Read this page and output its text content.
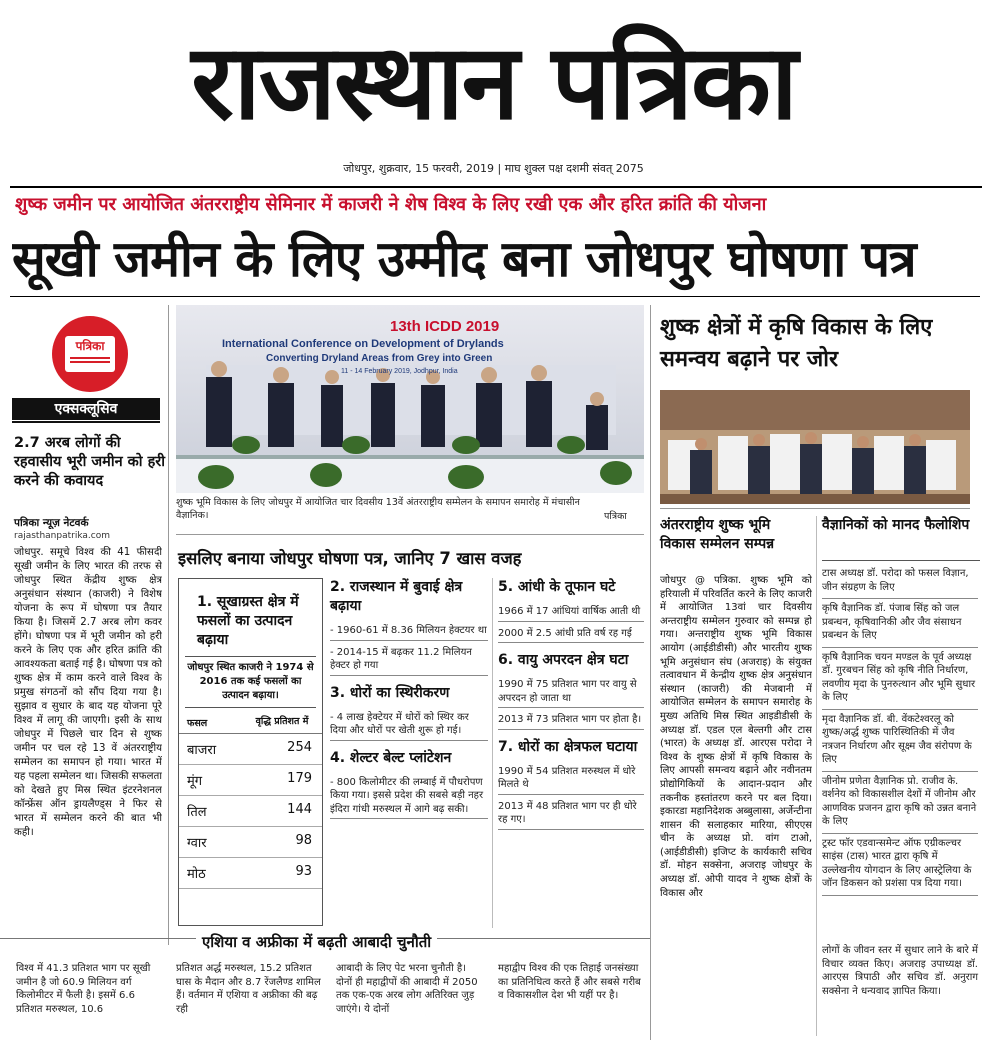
राजस्थान पत्रिका
जोधपुर, शुक्रवार, 15 फरवरी, 2019 | माघ शुक्ल पक्ष दशमी संवत् 2075
शुष्क जमीन पर आयोजित अंतरराष्ट्रीय सेमिनार में काजरी ने शेष विश्व के लिए रखी एक और हरित क्रांति की योजना
सूखी जमीन के लिए उम्मीद बना जोधपुर घोषणा पत्र
पत्रिका
एक्सक्लूसिव
2.7 अरब लोगों की रहवासीय भूरी जमीन को हरी करने की कवायद
पत्रिका न्यूज़ नेटवर्क
rajasthanpatrika.com
जोधपुर. समूचे विश्व की 41 फीसदी सूखी जमीन के लिए भारत की तरफ से जोधपुर स्थित केंद्रीय शुष्क क्षेत्र अनुसंधान संस्थान (काजरी) ने विशेष योजना के रूप में घोषणा पत्र तैयार किया है। जिसमें 2.7 अरब लोग कवर होंगे। घोषणा पत्र में भूरी जमीन को हरी करने के लिए एक और हरित क्रांति की आवश्यकता बताई गई है। घोषणा पत्र को शुष्क क्षेत्र में काम करने वाले विश्व के प्रमुख संगठनों को सौंप दिया गया है। सुझाव व सुधार के बाद यह योजना पूरे विश्व में लागू की जाएगी। इसी के साथ जोधपुर में पिछले चार दिन से शुष्क जमीन पर चल रहे 13 वें अंतरराष्ट्रीय सम्मेलन का समापन हो गया। भारत में यह पहला सम्मेलन था। जिसकी सफलता को देखते हुए मिस्र स्थित इंटरनेशनल कॉन्फ्रेंस ऑन ड्रायलैण्ड्स ने फिर से भारत में सम्मेलन करने की बात भी कही।
13th ICDD 2019
International Conference on Development of Drylands
Converting Dryland Areas from Grey into Green
11 - 14 February 2019, Jodhpur, India
शुष्क भूमि विकास के लिए जोधपुर में आयोजित चार दिवसीय 13वें अंतरराष्ट्रीय सम्मेलन के समापन समारोह में मंचासीन वैज्ञानिक।	पत्रिका
इसलिए बनाया जोधपुर घोषणा पत्र, जानिए 7 खास वजह
1. सूखाग्रस्त क्षेत्र में फसलों का उत्पादन बढ़ाया
जोधपुर स्थित काजरी ने 1974 से 2016 तक कई फसलों का उत्पादन बढ़ाया।
फसल	वृद्धि प्रतिशत में
बाजरा	254
मूंग	179
तिल	144
ग्वार	98
मोठ	93
2. राजस्थान में बुवाई क्षेत्र बढ़ाया
- 1960-61 में 8.36 मिलियन हेक्टयर था
- 2014-15 में बढ़कर 11.2 मिलियन हेक्टर हो गया
3. धोरों का स्थिरीकरण
- 4 लाख हेक्टेयर में धोरों को स्थिर कर दिया और धोरों पर खेती शुरू हो गई।
4. शेल्टर बेल्ट प्लांटेशन
- 800 किलोमीटर की लम्बाई में पौधरोपण किया गया। इससे प्रदेश की सबसे बड़ी नहर इंदिरा गांधी मरुस्थल में आगे बढ़ सकी।
5. आंधी के तूफान घटे
1966 में 17 आंधियां वार्षिक आती थी
2000 में 2.5 आंधी प्रति वर्ष रह गई
6. वायु अपरदन क्षेत्र घटा
1990 में 75 प्रतिशत भाग पर वायु से अपरदन हो जाता था
2013 में 73 प्रतिशत भाग पर होता है।
7. धोरों का क्षेत्रफल घटाया
1990 में 54 प्रतिशत मरुस्थल में धोरे मिलते थे
2013 में 48 प्रतिशत भाग पर ही धोरे रह गए।
एशिया व अफ्रीका में बढ़ती आबादी चुनौती
विश्व में 41.3 प्रतिशत भाग पर सूखी जमीन है जो 60.9 मिलियन वर्ग किलोमीटर में फैली है। इसमें 6.6 प्रतिशत मरुस्थल, 10.6
प्रतिशत अर्द्ध मरुस्थल, 15.2 प्रतिशत घास के मैदान और 8.7 रेंजलैण्ड शामिल हैं। वर्तमान में एशिया व अफ्रीका की बढ़ रही
आबादी के लिए पेट भरना चुनौती है। दोनों ही महाद्वीपों की आबादी में 2050 तक एक-एक अरब लोग अतिरिक्त जुड़ जाएंगे। ये दोनों
महाद्वीप विश्व की एक तिहाई जनसंख्या का प्रतिनिधित्व करते हैं और सबसे गरीब व विकासशील देश भी यहीं पर है।
शुष्क क्षेत्रों में कृषि विकास के लिए समन्वय बढ़ाने पर जोर
अंतरराष्ट्रीय शुष्क भूमि विकास सम्मेलन सम्पन्न
जोधपुर @ पत्रिका. शुष्क भूमि को हरियाली में परिवर्तित करने के लिए काजरी में आयोजित 13वां चार दिवसीय अन्तराष्ट्रीय सम्मेलन गुरुवार को सम्पन्न हो गया। अन्तराष्ट्रीय शुष्क भूमि विकास आयोग (आईडीडीसी) और भारतीय शुष्क भूमि अनुसंधान संघ (अजराइ) के संयुक्त तत्वावधान में केन्द्रीय शुष्क क्षेत्र अनुसंधान संस्थान (काजरी) की मेजबानी में आयोजित सम्मेलन के समापन समारोह के मुख्य अतिथि मिस्र स्थित आइडीडीसी के अध्यक्ष डॉ. एडल एल बेल्तगी और टास (भारत) के अध्यक्ष डॉ. आरएस परोदा ने विश्व के शुष्क क्षेत्रों में कृषि विकास के लिए आपसी समन्वय बढ़ाने और नवीनतम प्रोद्योगिकियों के आदान-प्रदान और तकनीक हस्तांतरण करने पर बल दिया। इकारडा महानिदेशक अब्बुलासा, अर्जेन्टीना शासन की सलाहकार मारिया, सीएएस चीन के अध्यक्ष प्रो. वांग टाओ, (आईडीडीसी) इजिप्ट के कार्यकारी सचिव डॉ. मोहन सक्सेना, अजराइ जोधपुर के अध्यक्ष डॉ. ओपी यादव ने शुष्क क्षेत्रों के विकास और
वैज्ञानिकों को मानद फैलोशिप
टास अध्यक्ष डॉ. परोदा को फसल विज्ञान, जीन संग्रहण के लिए
कृषि वैज्ञानिक डॉ. पंजाब सिंह को जल प्रबन्धन, कृषिवानिकी और जैव संसाधन प्रबन्धन के लिए
कृषि वैज्ञानिक चयन मण्डल के पूर्व अध्यक्ष डॉ. गुरबचन सिंह को कृषि नीति निर्धारण, लवणीय मृदा के पुनरुत्थान और भूमि सुधार के लिए
मृदा वैज्ञानिक डॉ. बी. वेंकटेश्वरलू को शुष्क/अर्द्ध शुष्क पारिस्थितिकी में जैव नत्रजन निर्धारण और सूक्ष्म जैव संरोपण के लिए
जीनोम प्रणेता वैज्ञानिक प्रो. राजीव के. वर्शनेय को विकासशील देशों में जीनोम और आणविक प्रजनन द्वारा कृषि को उन्नत बनाने के लिए
ट्रस्ट फॉर एडवान्समेन्ट ऑफ एग्रीकल्चर साइंस (टास) भारत द्वारा कृषि में उल्लेखनीय योगदान के लिए आस्ट्रेलिया के जॉन डिकसन को प्रशंसा पत्र दिया गया।
लोगों के जीवन स्तर में सुधार लाने के बारे में विचार व्यक्त किए। अजराइ उपाध्यक्ष डॉ. आरएस त्रिपाठी और सचिव डॉ. अनुराग सक्सेना ने धन्यवाद ज्ञापित किया।
